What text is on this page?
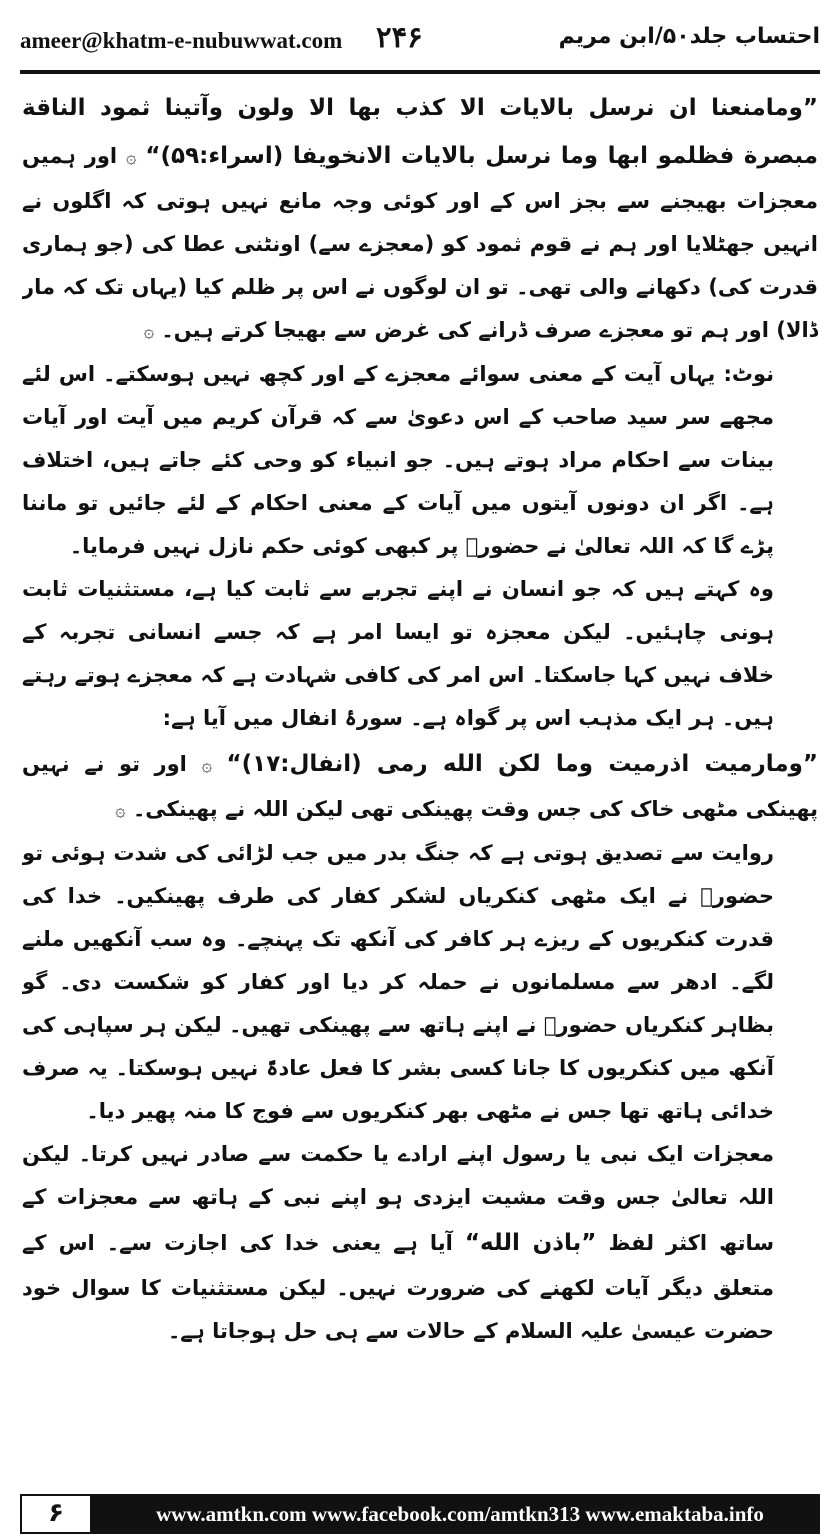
ameer@khatm-e-nubuwwat.com ۲۴۶	احتساب جلد۵۰/ابن مریم

”ومامنعنا ان نرسل بالایات الا كذب بها الا ولون وآتینا ثمود الناقة مبصرة فظلمو ابها وما نرسل بالایات الانخویفا (اسراء:۵۹)“ ۞ اور ہمیں معجزات بھیجنے سے بجز اس کے اور کوئی وجہ مانع نہیں ہوتی کہ اگلوں نے انہیں جھٹلایا اور ہم نے قوم ثمود کو (معجزے سے) اونٹنی عطا کی (جو ہماری قدرت کی) دکھانے والی تھی۔ تو ان لوگوں نے اس پر ظلم کیا (یہاں تک کہ مار ڈالا) اور ہم تو معجزے صرف ڈرانے کی غرض سے بھیجا کرتے ہیں۔ ۞

نوٹ: یہاں آیت کے معنی سوائے معجزے کے اور کچھ نہیں ہوسکتے۔ اس لئے مجھے سر سید صاحب کے اس دعویٰ سے کہ قرآن کریم میں آیت اور آیات بینات سے احکام مراد ہوتے ہیں۔ جو انبیاء کو وحی کئے جاتے ہیں، اختلاف ہے۔ اگر ان دونوں آیتوں میں آیات کے معنی احکام کے لئے جائیں تو ماننا پڑے گا کہ اللہ تعالیٰ نے حضورؐ پر کبھی کوئی حکم نازل نہیں فرمایا۔

وہ کہتے ہیں کہ جو انسان نے اپنے تجربے سے ثابت کیا ہے، مستثنیات ثابت ہونی چاہئیں۔ لیکن معجزہ تو ایسا امر ہے کہ جسے انسانی تجربہ کے خلاف نہیں کہا جاسکتا۔ اس امر کی کافی شہادت ہے کہ معجزے ہوتے رہتے ہیں۔ ہر ایک مذہب اس پر گواہ ہے۔ سورۂ انفال میں آیا ہے:

”ومارمیت اذرمیت وما لكن الله رمی (انفال:۱۷)“ ۞ اور تو نے نہیں پھینکی مٹھی خاک کی جس وقت پھینکی تھی لیکن اللہ نے پھینکی۔ ۞

روایت سے تصدیق ہوتی ہے کہ جنگ بدر میں جب لڑائی کی شدت ہوئی تو حضورؐ نے ایک مٹھی کنکریاں لشکر کفار کی طرف پھینکیں۔ خدا کی قدرت کنکریوں کے ریزے ہر کافر کی آنکھ تک پہنچے۔ وہ سب آنکھیں ملنے لگے۔ ادھر سے مسلمانوں نے حملہ کر دیا اور کفار کو شکست دی۔ گو بظاہر کنکریاں حضورؐ نے اپنے ہاتھ سے پھینکی تھیں۔ لیکن ہر سپاہی کی آنکھ میں کنکریوں کا جانا کسی بشر کا فعل عادۃً نہیں ہوسکتا۔ یہ صرف خدائی ہاتھ تھا جس نے مٹھی بھر کنکریوں سے فوج کا منہ پھیر دیا۔

معجزات ایک نبی یا رسول اپنے ارادے یا حکمت سے صادر نہیں کرتا۔ لیکن اللہ تعالیٰ جس وقت مشیت ایزدی ہو اپنے نبی کے ہاتھ سے معجزات کے ساتھ اکثر لفظ ”باذن الله“ آیا ہے یعنی خدا کی اجازت سے۔ اس کے متعلق دیگر آیات لکھنے کی ضرورت نہیں۔ لیکن مستثنیات کا سوال خود حضرت عیسیٰ علیہ السلام کے حالات سے ہی حل ہوجاتا ہے۔

۶	www.amtkn.com www.facebook.com/amtkn313 www.emaktaba.info
